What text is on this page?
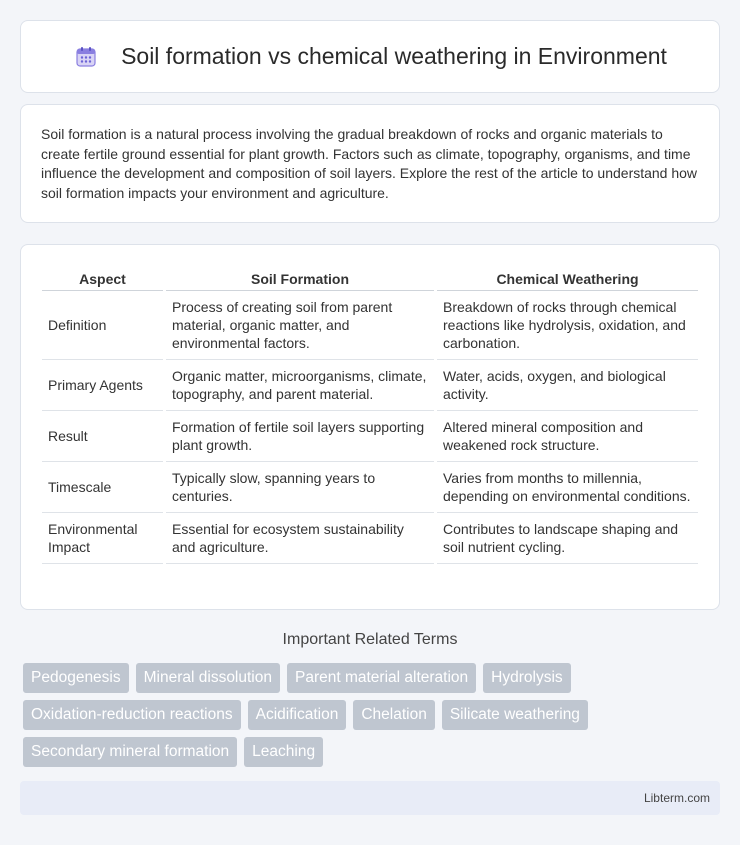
Soil formation vs chemical weathering in Environment

Soil formation is a natural process involving the gradual breakdown of rocks and organic materials to create fertile ground essential for plant growth. Factors such as climate, topography, organisms, and time influence the development and composition of soil layers. Explore the rest of the article to understand how soil formation impacts your environment and agriculture.

Aspect	Soil Formation	Chemical Weathering
Definition	Process of creating soil from parent material, organic matter, and environmental factors.	Breakdown of rocks through chemical reactions like hydrolysis, oxidation, and carbonation.
Primary Agents	Organic matter, microorganisms, climate, topography, and parent material.	Water, acids, oxygen, and biological activity.
Result	Formation of fertile soil layers supporting plant growth.	Altered mineral composition and weakened rock structure.
Timescale	Typically slow, spanning years to centuries.	Varies from months to millennia, depending on environmental conditions.
Environmental Impact	Essential for ecosystem sustainability and agriculture.	Contributes to landscape shaping and soil nutrient cycling.
Important Related Terms
Pedogenesis	Mineral dissolution	Parent material alteration	Hydrolysis
Oxidation-reduction reactions	Acidification	Chelation	Silicate weathering
Secondary mineral formation	Leaching
Libterm.com
